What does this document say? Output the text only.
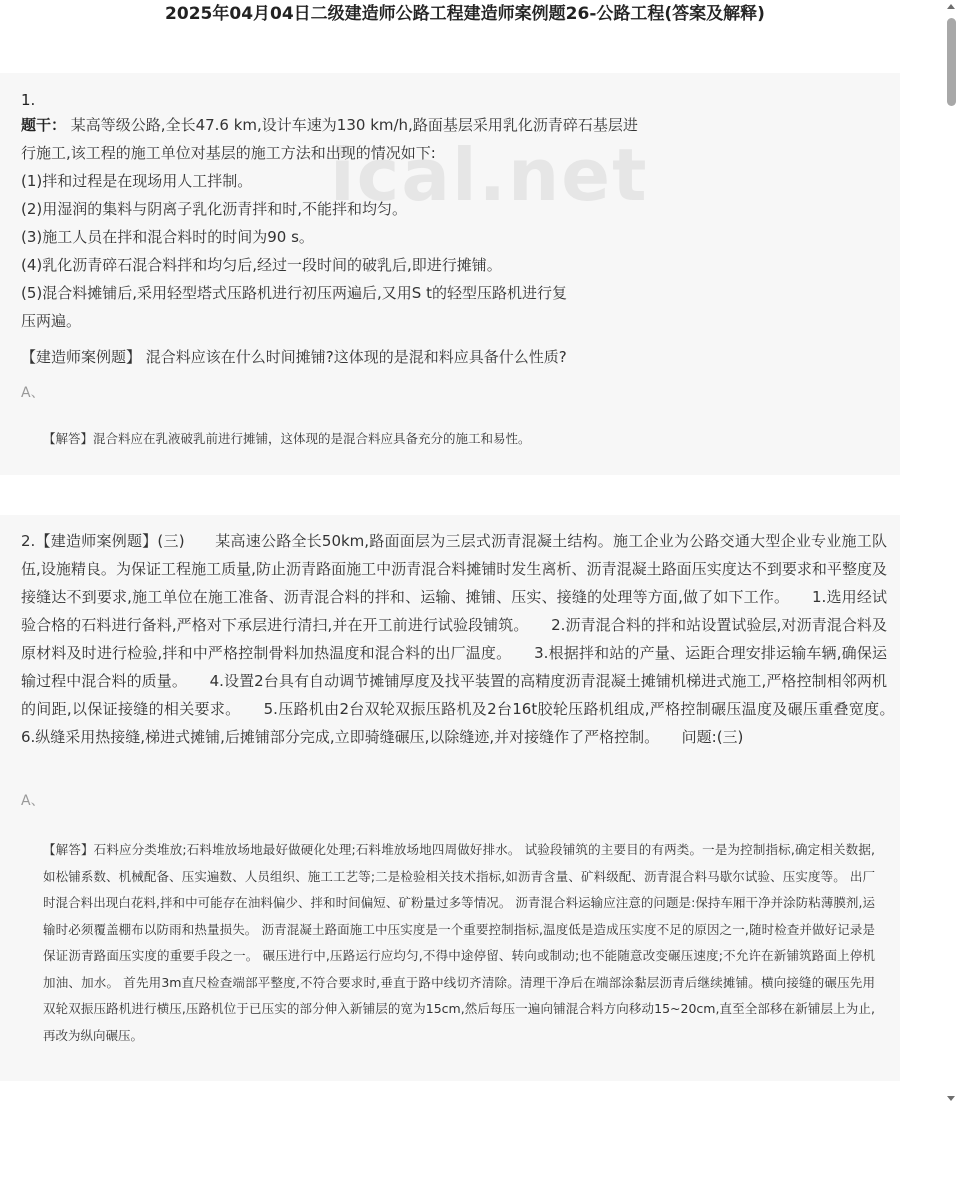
2025年04月04日二级建造师公路工程建造师案例题26-公路工程(答案及解释)
ical.net
1.

题干： 某高等级公路,全长47.6 km,设计车速为130 km/h,路面基层采用乳化沥青碎石基层进

行施工,该工程的施工单位对基层的施工方法和出现的情况如下:

(1)拌和过程是在现场用人工拌制。

(2)用湿润的集料与阴离子乳化沥青拌和时,不能拌和均匀。

(3)施工人员在拌和混合料时的时间为90 s。

(4)乳化沥青碎石混合料拌和均匀后,经过一段时间的破乳后,即进行摊铺。

(5)混合料摊铺后,采用轻型塔式压路机进行初压两遍后,又用S t的轻型压路机进行复

压两遍。

【建造师案例题】 混合料应该在什么时间摊铺?这体现的是混和料应具备什么性质?
A、
【解答】混合料应在乳液破乳前进行摊铺，这体现的是混合料应具备充分的施工和易性。

2.【建造师案例题】(三)　　某高速公路全长50km,路面面层为三层式沥青混凝土结构。施工企业为公路交通大型企业专业施工队伍,设施精良。为保证工程施工质量,防止沥青路面施工中沥青混合料摊铺时发生离析、沥青混凝土路面压实度达不到要求和平整度及接缝达不到要求,施工单位在施工准备、沥青混合料的拌和、运输、摊铺、压实、接缝的处理等方面,做了如下工作。　　1.选用经试验合格的石料进行备料,严格对下承层进行清扫,并在开工前进行试验段铺筑。　　2.沥青混合料的拌和站设置试验层,对沥青混合料及原材料及时进行检验,拌和中严格控制骨料加热温度和混合料的出厂温度。　　3.根据拌和站的产量、运距合理安排运输车辆,确保运输过程中混合料的质量。　　4.设置2台具有自动调节摊铺厚度及找平装置的高精度沥青混凝土摊铺机梯进式施工,严格控制相邻两机的间距,以保证接缝的相关要求。　　5.压路机由2台双轮双振压路机及2台16t胶轮压路机组成,严格控制碾压温度及碾压重叠宽度。　　6.纵缝采用热接缝,梯进式摊铺,后摊铺部分完成,立即骑缝碾压,以除缝迹,并对接缝作了严格控制。　　问题:(三)

A、

【解答】石料应分类堆放;石料堆放场地最好做硬化处理;石料堆放场地四周做好排水。 试验段铺筑的主要目的有两类。一是为控制指标,确定相关数据,如松铺系数、机械配备、压实遍数、人员组织、施工工艺等;二是检验相关技术指标,如沥青含量、矿料级配、沥青混合料马歇尔试验、压实度等。 出厂时混合料出现白花料,拌和中可能存在油料偏少、拌和时间偏短、矿粉量过多等情况。 沥青混合料运输应注意的问题是:保持车厢干净并涂防粘薄膜剂,运输时必须覆盖棚布以防雨和热量损失。 沥青混凝土路面施工中压实度是一个重要控制指标,温度低是造成压实度不足的原因之一,随时检查并做好记录是保证沥青路面压实度的重要手段之一。 碾压进行中,压路运行应均匀,不得中途停留、转向或制动;也不能随意改变碾压速度;不允许在新铺筑路面上停机加油、加水。 首先用3m直尺检查端部平整度,不符合要求时,垂直于路中线切齐清除。清理干净后在端部涂黏层沥青后继续摊铺。横向接缝的碾压先用双轮双振压路机进行横压,压路机位于已压实的部分伸入新铺层的宽为15cm,然后每压一遍向铺混合料方向移动15~20cm,直至全部移在新铺层上为止,再改为纵向碾压。
